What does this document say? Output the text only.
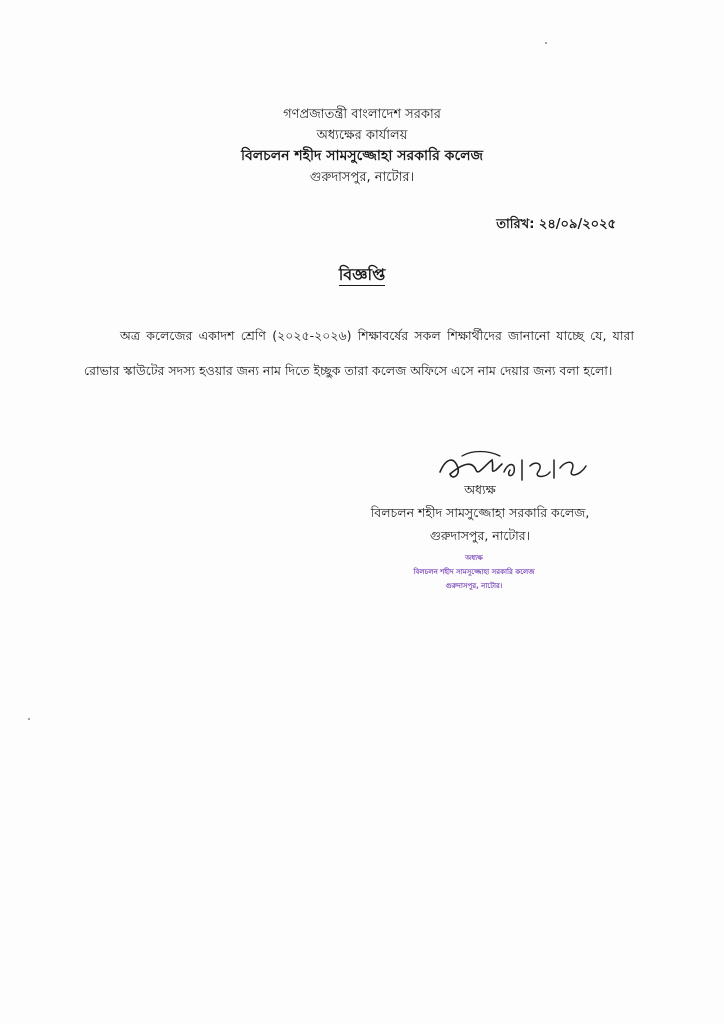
গণপ্রজাতন্ত্রী বাংলাদেশ সরকার
অধ্যক্ষের কার্যালয়
বিলচলন শহীদ সামসুজ্জোহা সরকারি কলেজ
গুরুদাসপুর, নাটোর।
তারিখ: ২৪/০৯/২০২৫
বিজ্ঞপ্তি
অত্র কলেজের একাদশ শ্রেণি (২০২৫-২০২৬) শিক্ষাবর্ষের সকল শিক্ষার্থীদের জানানো যাচ্ছে যে, যারা রোভার স্কাউটের সদস্য হওয়ার জন্য নাম দিতে ইচ্ছুক তারা কলেজ অফিসে এসে নাম দেয়ার জন্য বলা হলো।
অধ্যক্ষ
বিলচলন শহীদ সামসুজ্জোহা সরকারি কলেজ,
গুরুদাসপুর, নাটোর।
অধ্যক্ষ
বিলচলন শহীদ সামসুজ্জোহা সরকারি কলেজ
গুরুদাসপুর, নাটোর।
